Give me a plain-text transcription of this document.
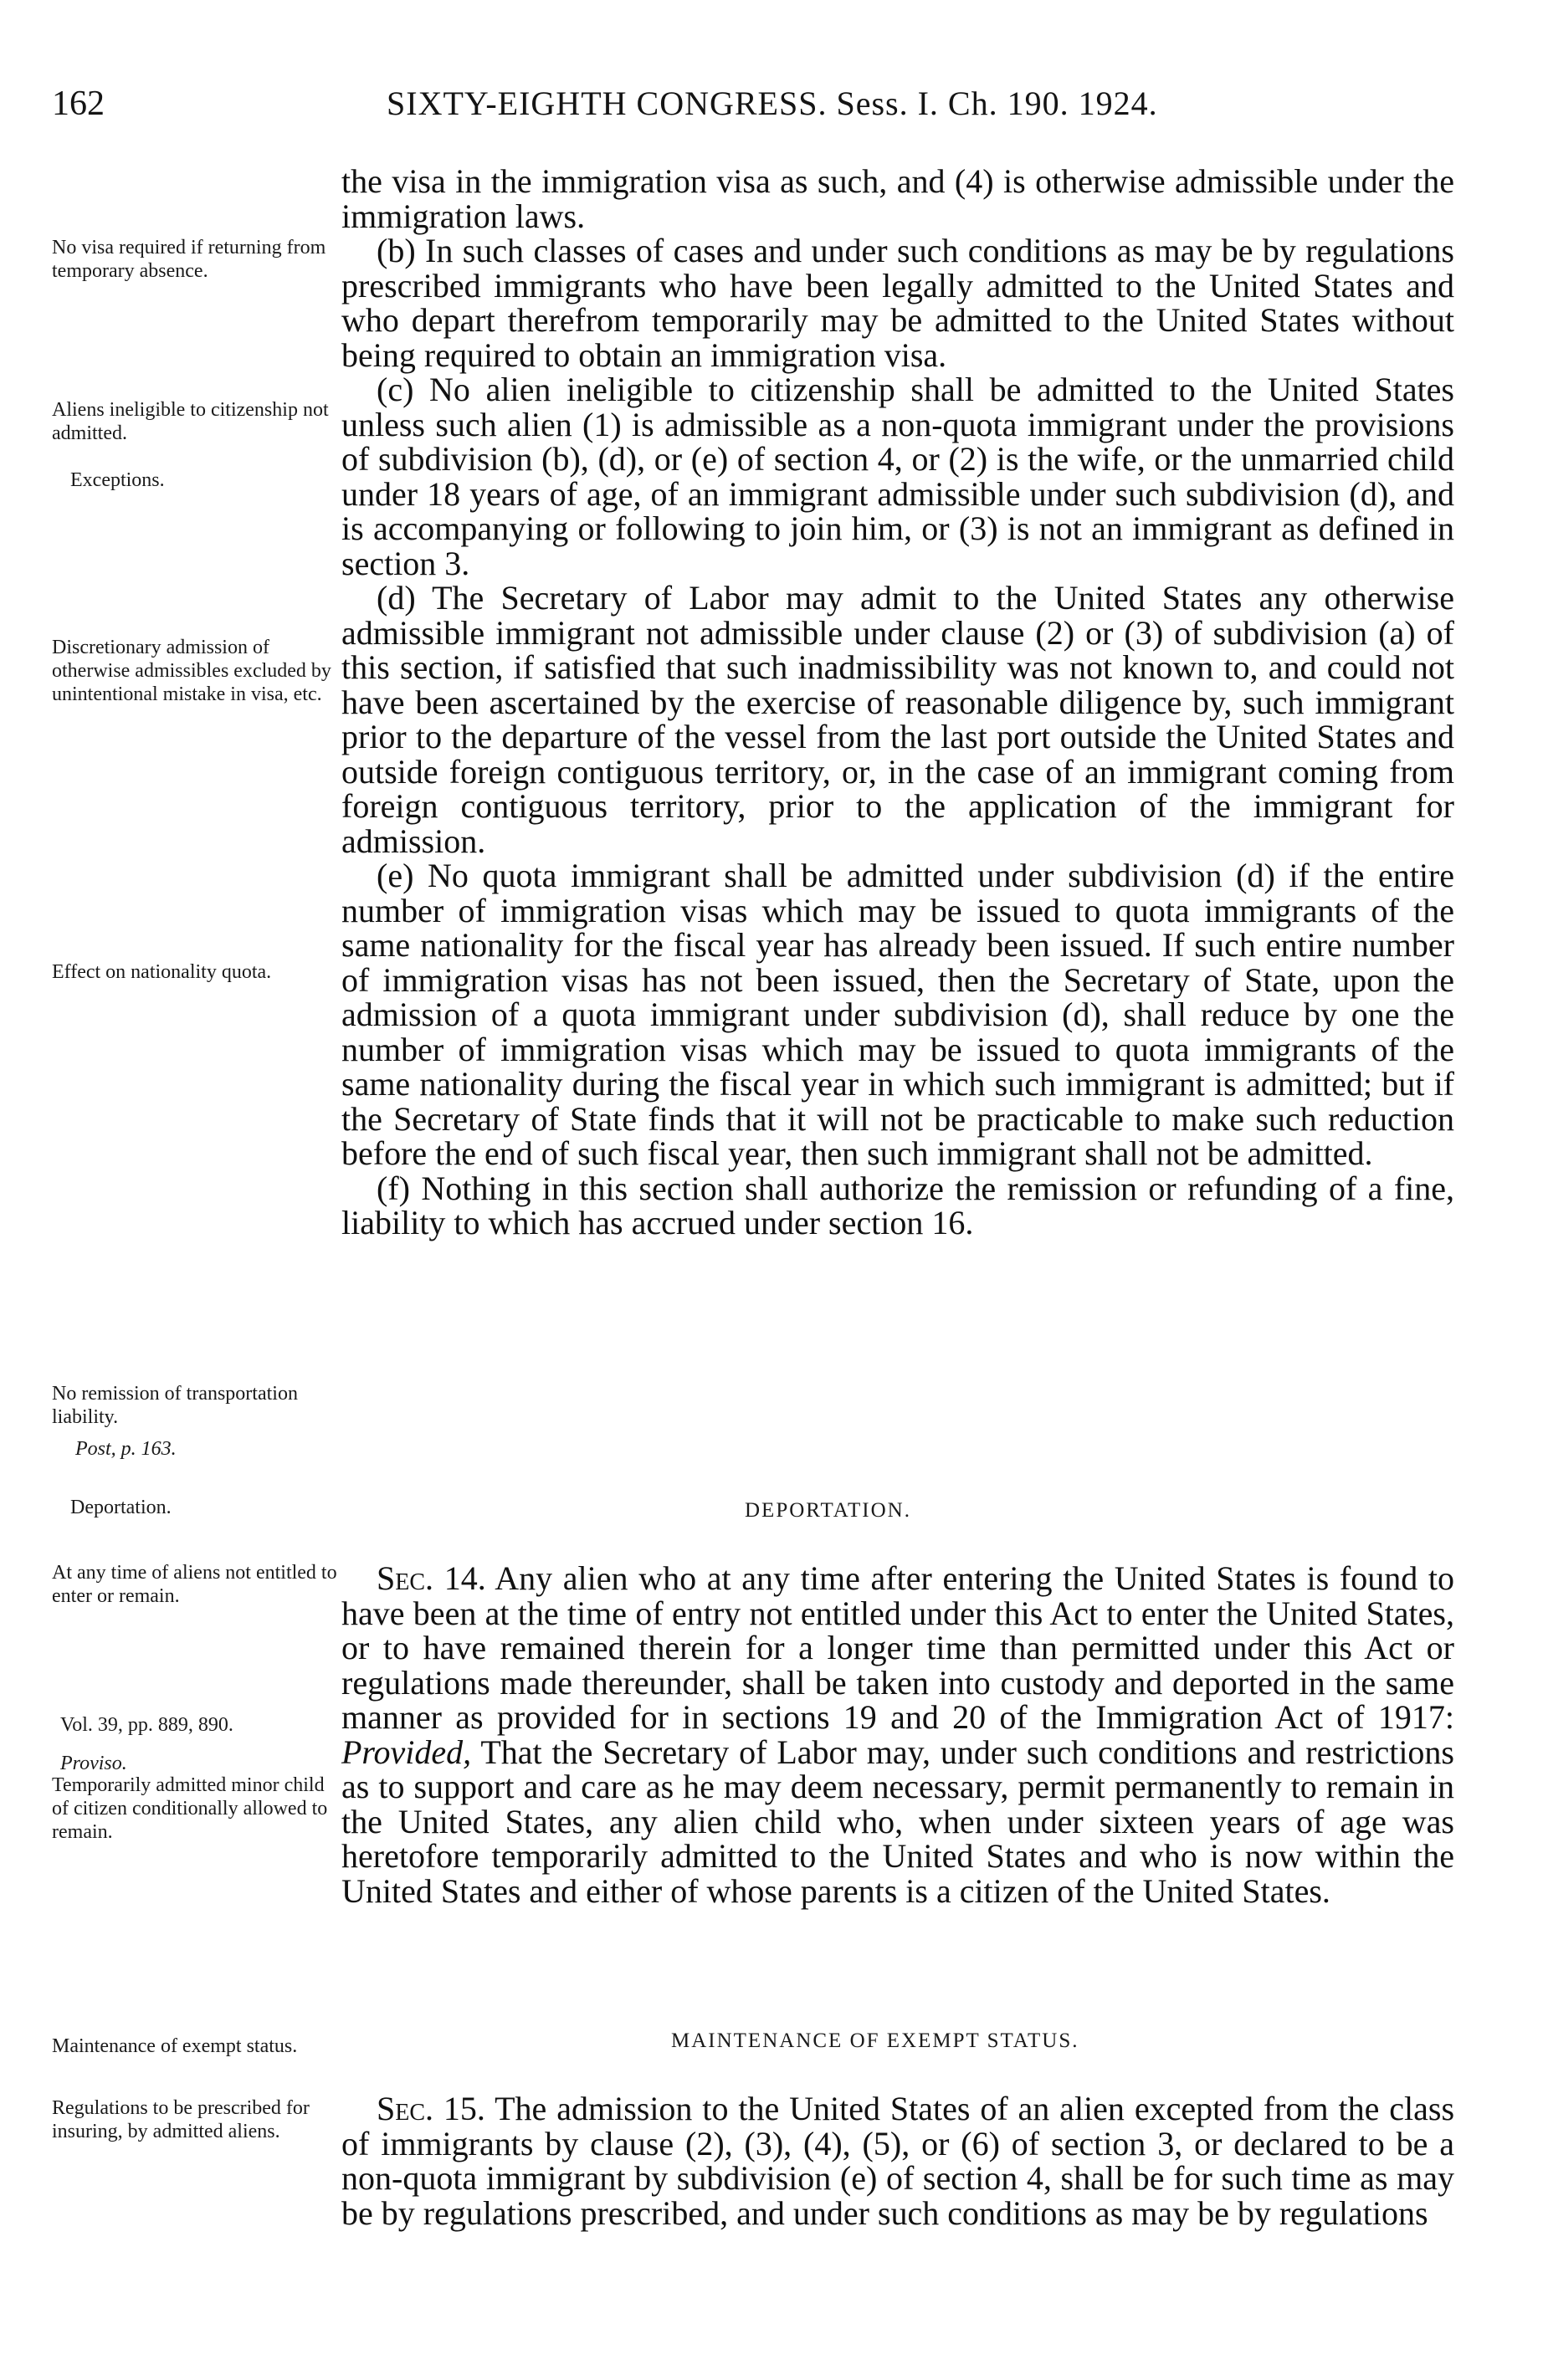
162	SIXTY-EIGHTH CONGRESS. Sess. I. Ch. 190. 1924.
No visa required if returning from temporary absence.
Aliens ineligible to citizenship not admitted.
Exceptions.
Discretionary admission of otherwise admissibles excluded by unintentional mistake in visa, etc.
Effect on nationality quota.
No remission of transportation liability.
Post, p. 163.
Deportation.
At any time of aliens not entitled to enter or remain.
Vol. 39, pp. 889, 890.
Proviso.
Temporarily admitted minor child of citizen conditionally allowed to remain.
Maintenance of exempt status.
Regulations to be prescribed for insuring, by admitted aliens.

the visa in the immigration visa as such, and (4) is otherwise admissible under the immigration laws.

(b) In such classes of cases and under such conditions as may be by regulations prescribed immigrants who have been legally admitted to the United States and who depart therefrom temporarily may be admitted to the United States without being required to obtain an immigration visa.

(c) No alien ineligible to citizenship shall be admitted to the United States unless such alien (1) is admissible as a non-quota immigrant under the provisions of subdivision (b), (d), or (e) of section 4, or (2) is the wife, or the unmarried child under 18 years of age, of an immigrant admissible under such subdivision (d), and is accompanying or following to join him, or (3) is not an immigrant as defined in section 3.

(d) The Secretary of Labor may admit to the United States any otherwise admissible immigrant not admissible under clause (2) or (3) of subdivision (a) of this section, if satisfied that such inadmissibility was not known to, and could not have been ascertained by the exercise of reasonable diligence by, such immigrant prior to the departure of the vessel from the last port outside the United States and outside foreign contiguous territory, or, in the case of an immigrant coming from foreign contiguous territory, prior to the application of the immigrant for admission.

(e) No quota immigrant shall be admitted under subdivision (d) if the entire number of immigration visas which may be issued to quota immigrants of the same nationality for the fiscal year has already been issued. If such entire number of immigration visas has not been issued, then the Secretary of State, upon the admission of a quota immigrant under subdivision (d), shall reduce by one the number of immigration visas which may be issued to quota immigrants of the same nationality during the fiscal year in which such immigrant is admitted; but if the Secretary of State finds that it will not be practicable to make such reduction before the end of such fiscal year, then such immigrant shall not be admitted.

(f) Nothing in this section shall authorize the remission or refunding of a fine, liability to which has accrued under section 16.

DEPORTATION.

Sec. 14. Any alien who at any time after entering the United States is found to have been at the time of entry not entitled under this Act to enter the United States, or to have remained therein for a longer time than permitted under this Act or regulations made thereunder, shall be taken into custody and deported in the same manner as provided for in sections 19 and 20 of the Immigration Act of 1917: Provided, That the Secretary of Labor may, under such conditions and restrictions as to support and care as he may deem necessary, permit permanently to remain in the United States, any alien child who, when under sixteen years of age was heretofore temporarily admitted to the United States and who is now within the United States and either of whose parents is a citizen of the United States.

MAINTENANCE OF EXEMPT STATUS.

Sec. 15. The admission to the United States of an alien excepted from the class of immigrants by clause (2), (3), (4), (5), or (6) of section 3, or declared to be a non-quota immigrant by subdivision (e) of section 4, shall be for such time as may be by regulations prescribed, and under such conditions as may be by regulations
